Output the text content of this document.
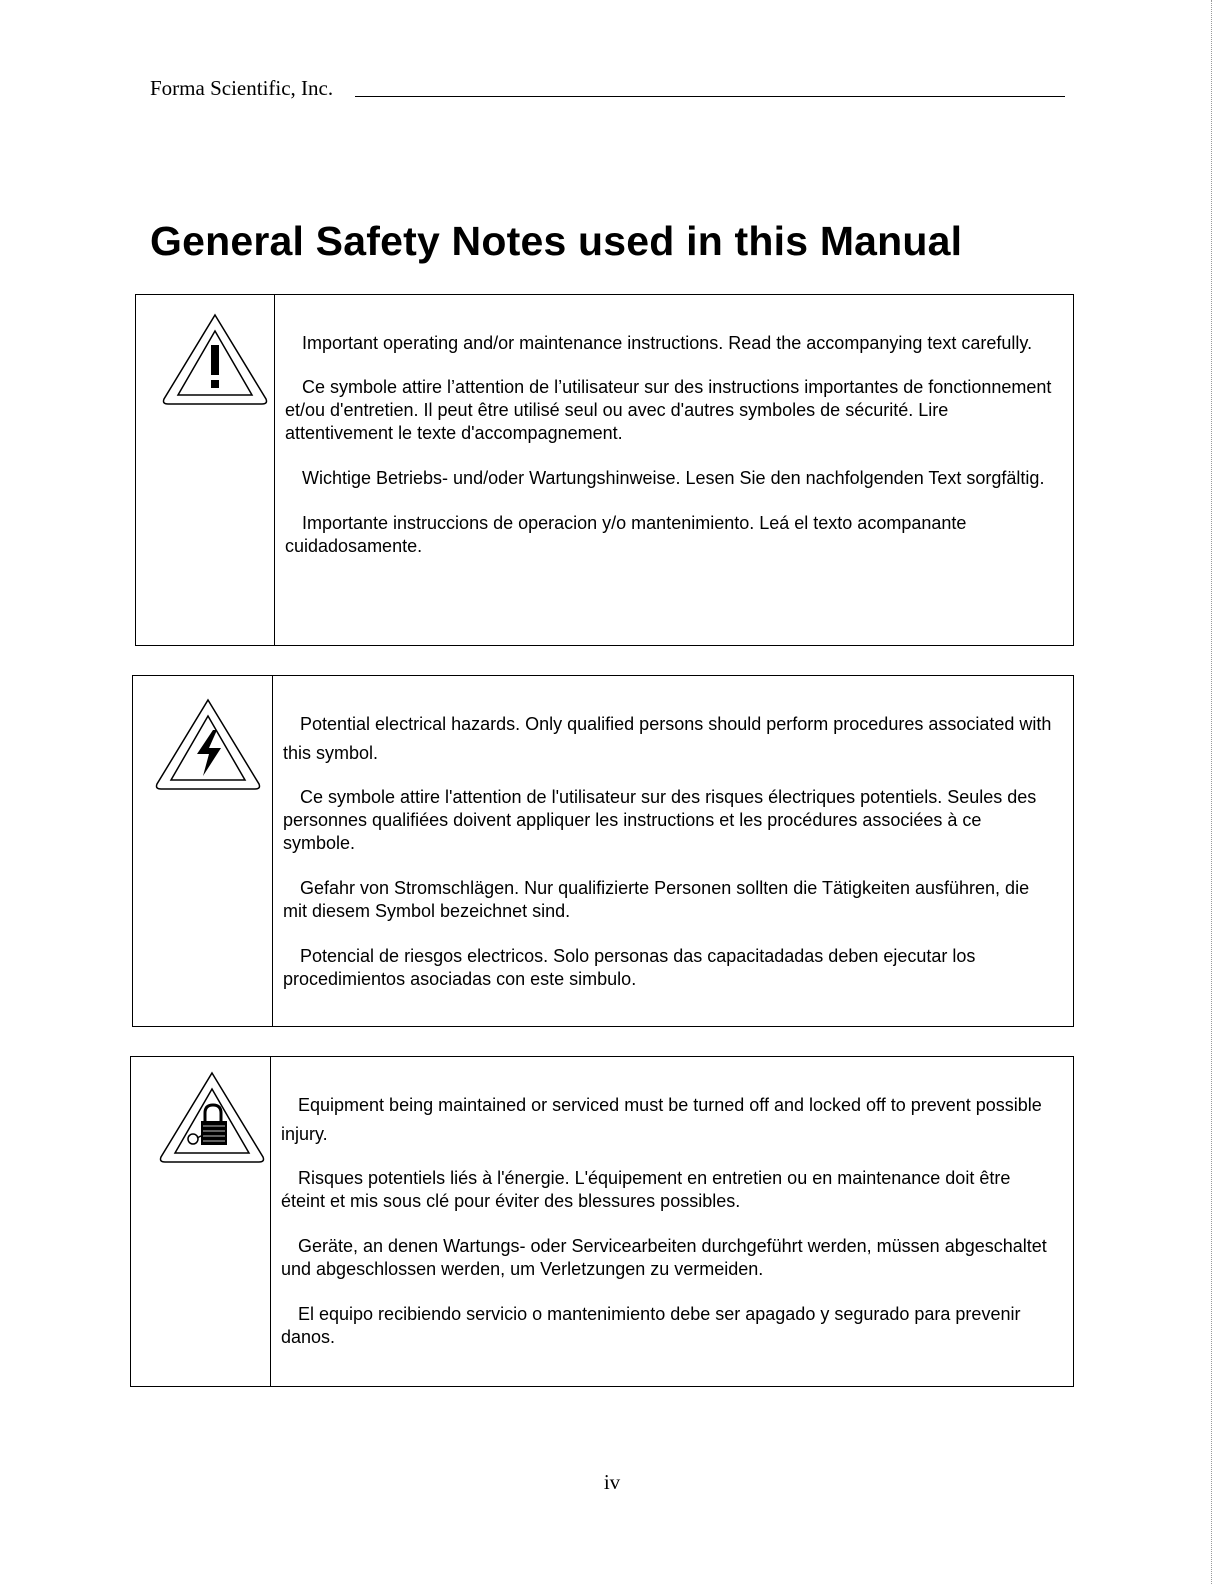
Forma Scientific, Inc.
General Safety Notes used in this Manual

Important operating and/or maintenance instructions. Read the accompanying text carefully.

Ce symbole attire l’attention de l’utilisateur sur des instructions importantes de fonctionnement et/ou d'entretien. Il peut être utilisé seul ou avec d'autres symboles de sécurité. Lire attentivement le texte d'accompagnement.

Wichtige Betriebs- und/oder Wartungshinweise. Lesen Sie den nachfolgenden Text sorgfältig.

Importante instruccions de operacion y/o mantenimiento. Leá el texto acompanante cuidadosamente.

Potential electrical hazards. Only qualified persons should perform procedures associated with this symbol.

Ce symbole attire l'attention de l'utilisateur sur des risques électriques potentiels. Seules des personnes qualifiées doivent appliquer les instructions et les procédures associées à ce symbole.

Gefahr von Stromschlägen. Nur qualifizierte Personen sollten die Tätigkeiten ausführen, die mit diesem Symbol bezeichnet sind.

Potencial de riesgos electricos. Solo personas das capacitadadas deben ejecutar los procedimientos asociadas con este simbulo.

Equipment being maintained or serviced must be turned off and locked off to prevent possible injury.

Risques potentiels liés à l'énergie. L'équipement en entretien ou en maintenance doit être éteint et mis sous clé pour éviter des blessures possibles.

Geräte, an denen Wartungs- oder Servicearbeiten durchgeführt werden, müssen abgeschaltet und abgeschlossen werden, um Verletzungen zu vermeiden.

El equipo recibiendo servicio o mantenimiento debe ser apagado y segurado para prevenir danos.

iv
